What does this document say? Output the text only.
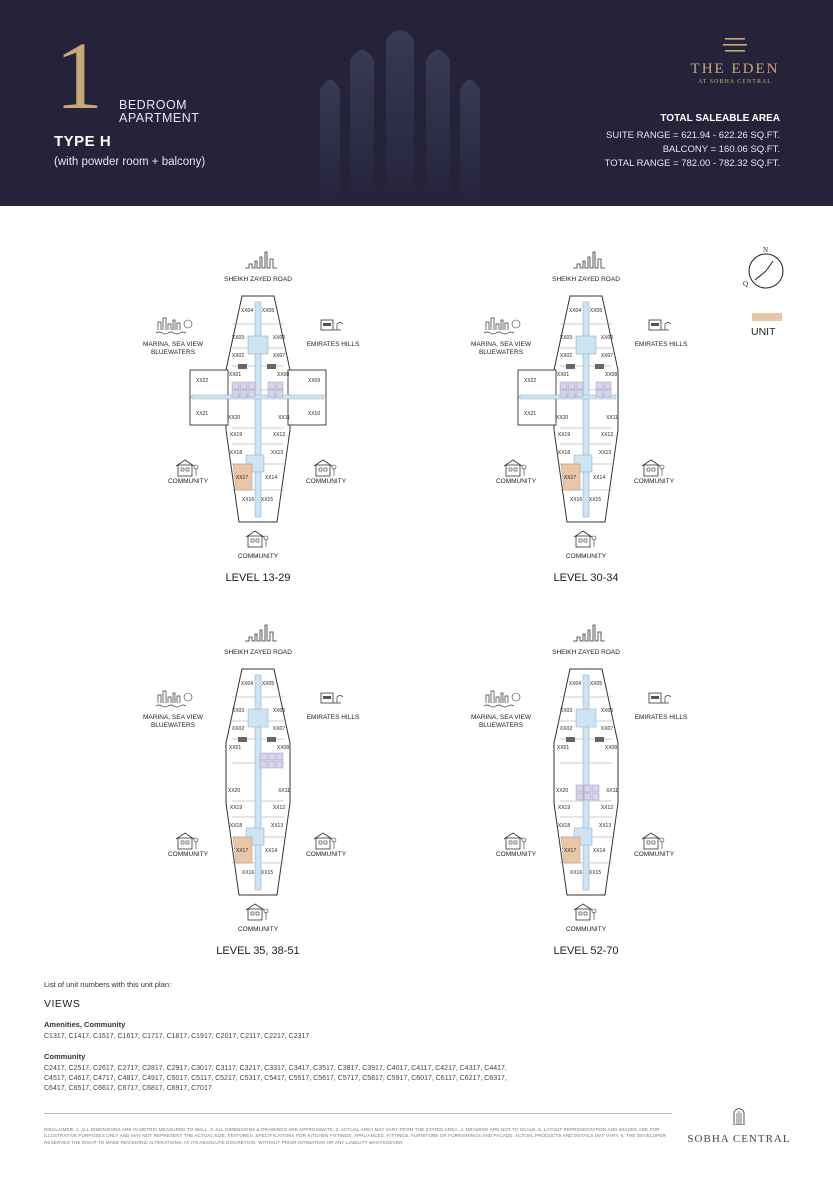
1 BEDROOM
APARTMENT
TYPE H
(with powder room + balcony)
THE EDEN
AT SOBHA CENTRAL
TOTAL SALEABLE AREA
SUITE RANGE = 621.94 - 622.26 SQ.FT.
BALCONY = 160.06 SQ.FT.
TOTAL RANGE = 782.00 - 782.32 SQ.FT.
N
Q
UNIT
SHEIKH ZAYED ROAD
MARINA, SEA VIEW
BLUEWATERS
EMIRATES HILLS
COMMUNITY	COMMUNITY
COMMUNITY
XX04 XX05
XX03	XX06
XX02	XX07
XX01	XX08
XX22	XX09
XX21	XX10
XX20	XX11
XX19	XX12
XX18	XX13
XX17	XX14
XX16 XX15
LEVEL 13-29
SHEIKH ZAYED ROAD
MARINA, SEA VIEW
BLUEWATERS
EMIRATES HILLS
COMMUNITY	COMMUNITY
COMMUNITY
XX04 XX05
XX03	XX06
XX02	XX07
XX01	XX08
XX22
XX21
XX20	XX11
XX19	XX12
XX18	XX13
XX17	XX14
XX16 XX15
LEVEL 30-34
SHEIKH ZAYED ROAD
MARINA, SEA VIEW
BLUEWATERS
EMIRATES HILLS
COMMUNITY	COMMUNITY
COMMUNITY
XX04 XX05
XX03	XX06
XX02	XX07
XX01	XX08
XX20	XX11
XX19	XX12
XX18	XX13
XX17	XX14
XX16 XX15
LEVEL 35, 38-51
SHEIKH ZAYED ROAD
MARINA, SEA VIEW
BLUEWATERS
EMIRATES HILLS
COMMUNITY	COMMUNITY
COMMUNITY
XX04 XX05
XX03	XX06
XX02	XX07
XX01	XX08
XX20	XX11
XX19	XX12
XX18	XX13
XX17	XX14
XX16 XX15
LEVEL 52-70
List of unit numbers with this unit plan:
VIEWS
Amenities, Community
C1317, C1417, C1517, C1617, C1717, C1817, C1917, C2017, C2117, C2217, C2317
Community
C2417, C2517, C2617, C2717, C2817, C2917, C3017, C3117, C3217, C3317, C3417, C3517, C3817, C3917, C4017, C4117, C4217, C4317, C4417, C4517, C4617, C4717, C4817, C4917, C5017, C5117, C5217, C5317, C5417, C5517, C5617, C5717, C5817, C5917, C6017, C6117, C6217, C6317, C6417, C6517, C6617, C6717, C6817, C6917, C7017
DISCLAIMER: 1. ALL DIMENSIONS ARE IN METRIC MEASURED TO WALL. 2. ALL DIMENSIONS & DRAWINGS ARE APPROXIMATE. 3. ACTUAL AREA MAY VARY FROM THE STATED AREA. 4. DRAWING ARE NOT TO SCALE. 5. LAYOUT REPRESENTATION AND IMAGES ARE FOR ILLUSTRATIVE PURPOSES ONLY AND MAY NOT REPRESENT THE ACTUAL SIZE, FEATURES, SPECIFICATIONS FOR KITCHEN FITTINGS, APPLIANCES, FITTINGS, FURNITURE OR FURNISHINGS AND FACADE. ACTUAL PRODUCTS AND DETAILS MAY VARY. 6. THE DEVELOPER RESERVES THE RIGHT TO MAKE REVISIONS/ ALTERATIONS, AT ITS ABSOLUTE DISCRETION, WITHOUT PRIOR INTIMATION OR ANY LIABILITY WHATSOEVER.	SOBHA CENTRAL
